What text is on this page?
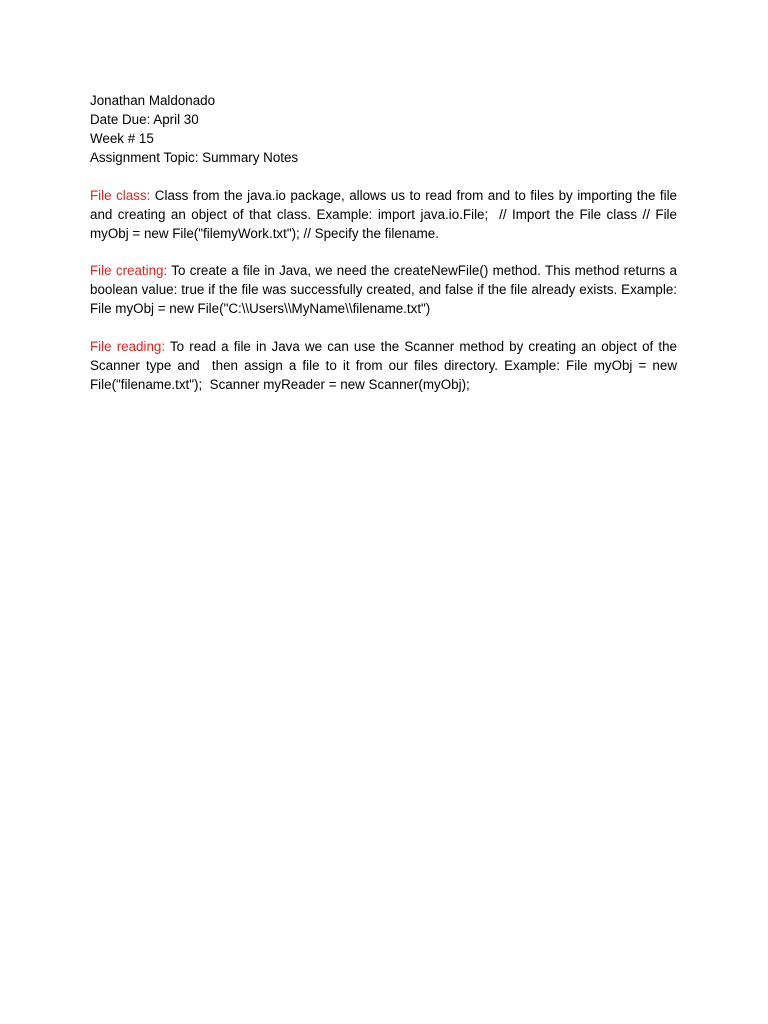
Jonathan Maldonado
Date Due: April 30
Week # 15
Assignment Topic: Summary Notes

File class: Class from the java.io package, allows us to read from and to files by importing the file and creating an object of that class. Example: import java.io.File;  // Import the File class // File myObj = new File("filemyWork.txt"); // Specify the filename.

File creating: To create a file in Java, we need the createNewFile() method. This method returns a boolean value: true if the file was successfully created, and false if the file already exists. Example: File myObj = new File("C:\\Users\\MyName\\filename.txt")

File reading: To read a file in Java we can use the Scanner method by creating an object of the Scanner type and  then assign a file to it from our files directory. Example: File myObj = new File("filename.txt");  Scanner myReader = new Scanner(myObj);
